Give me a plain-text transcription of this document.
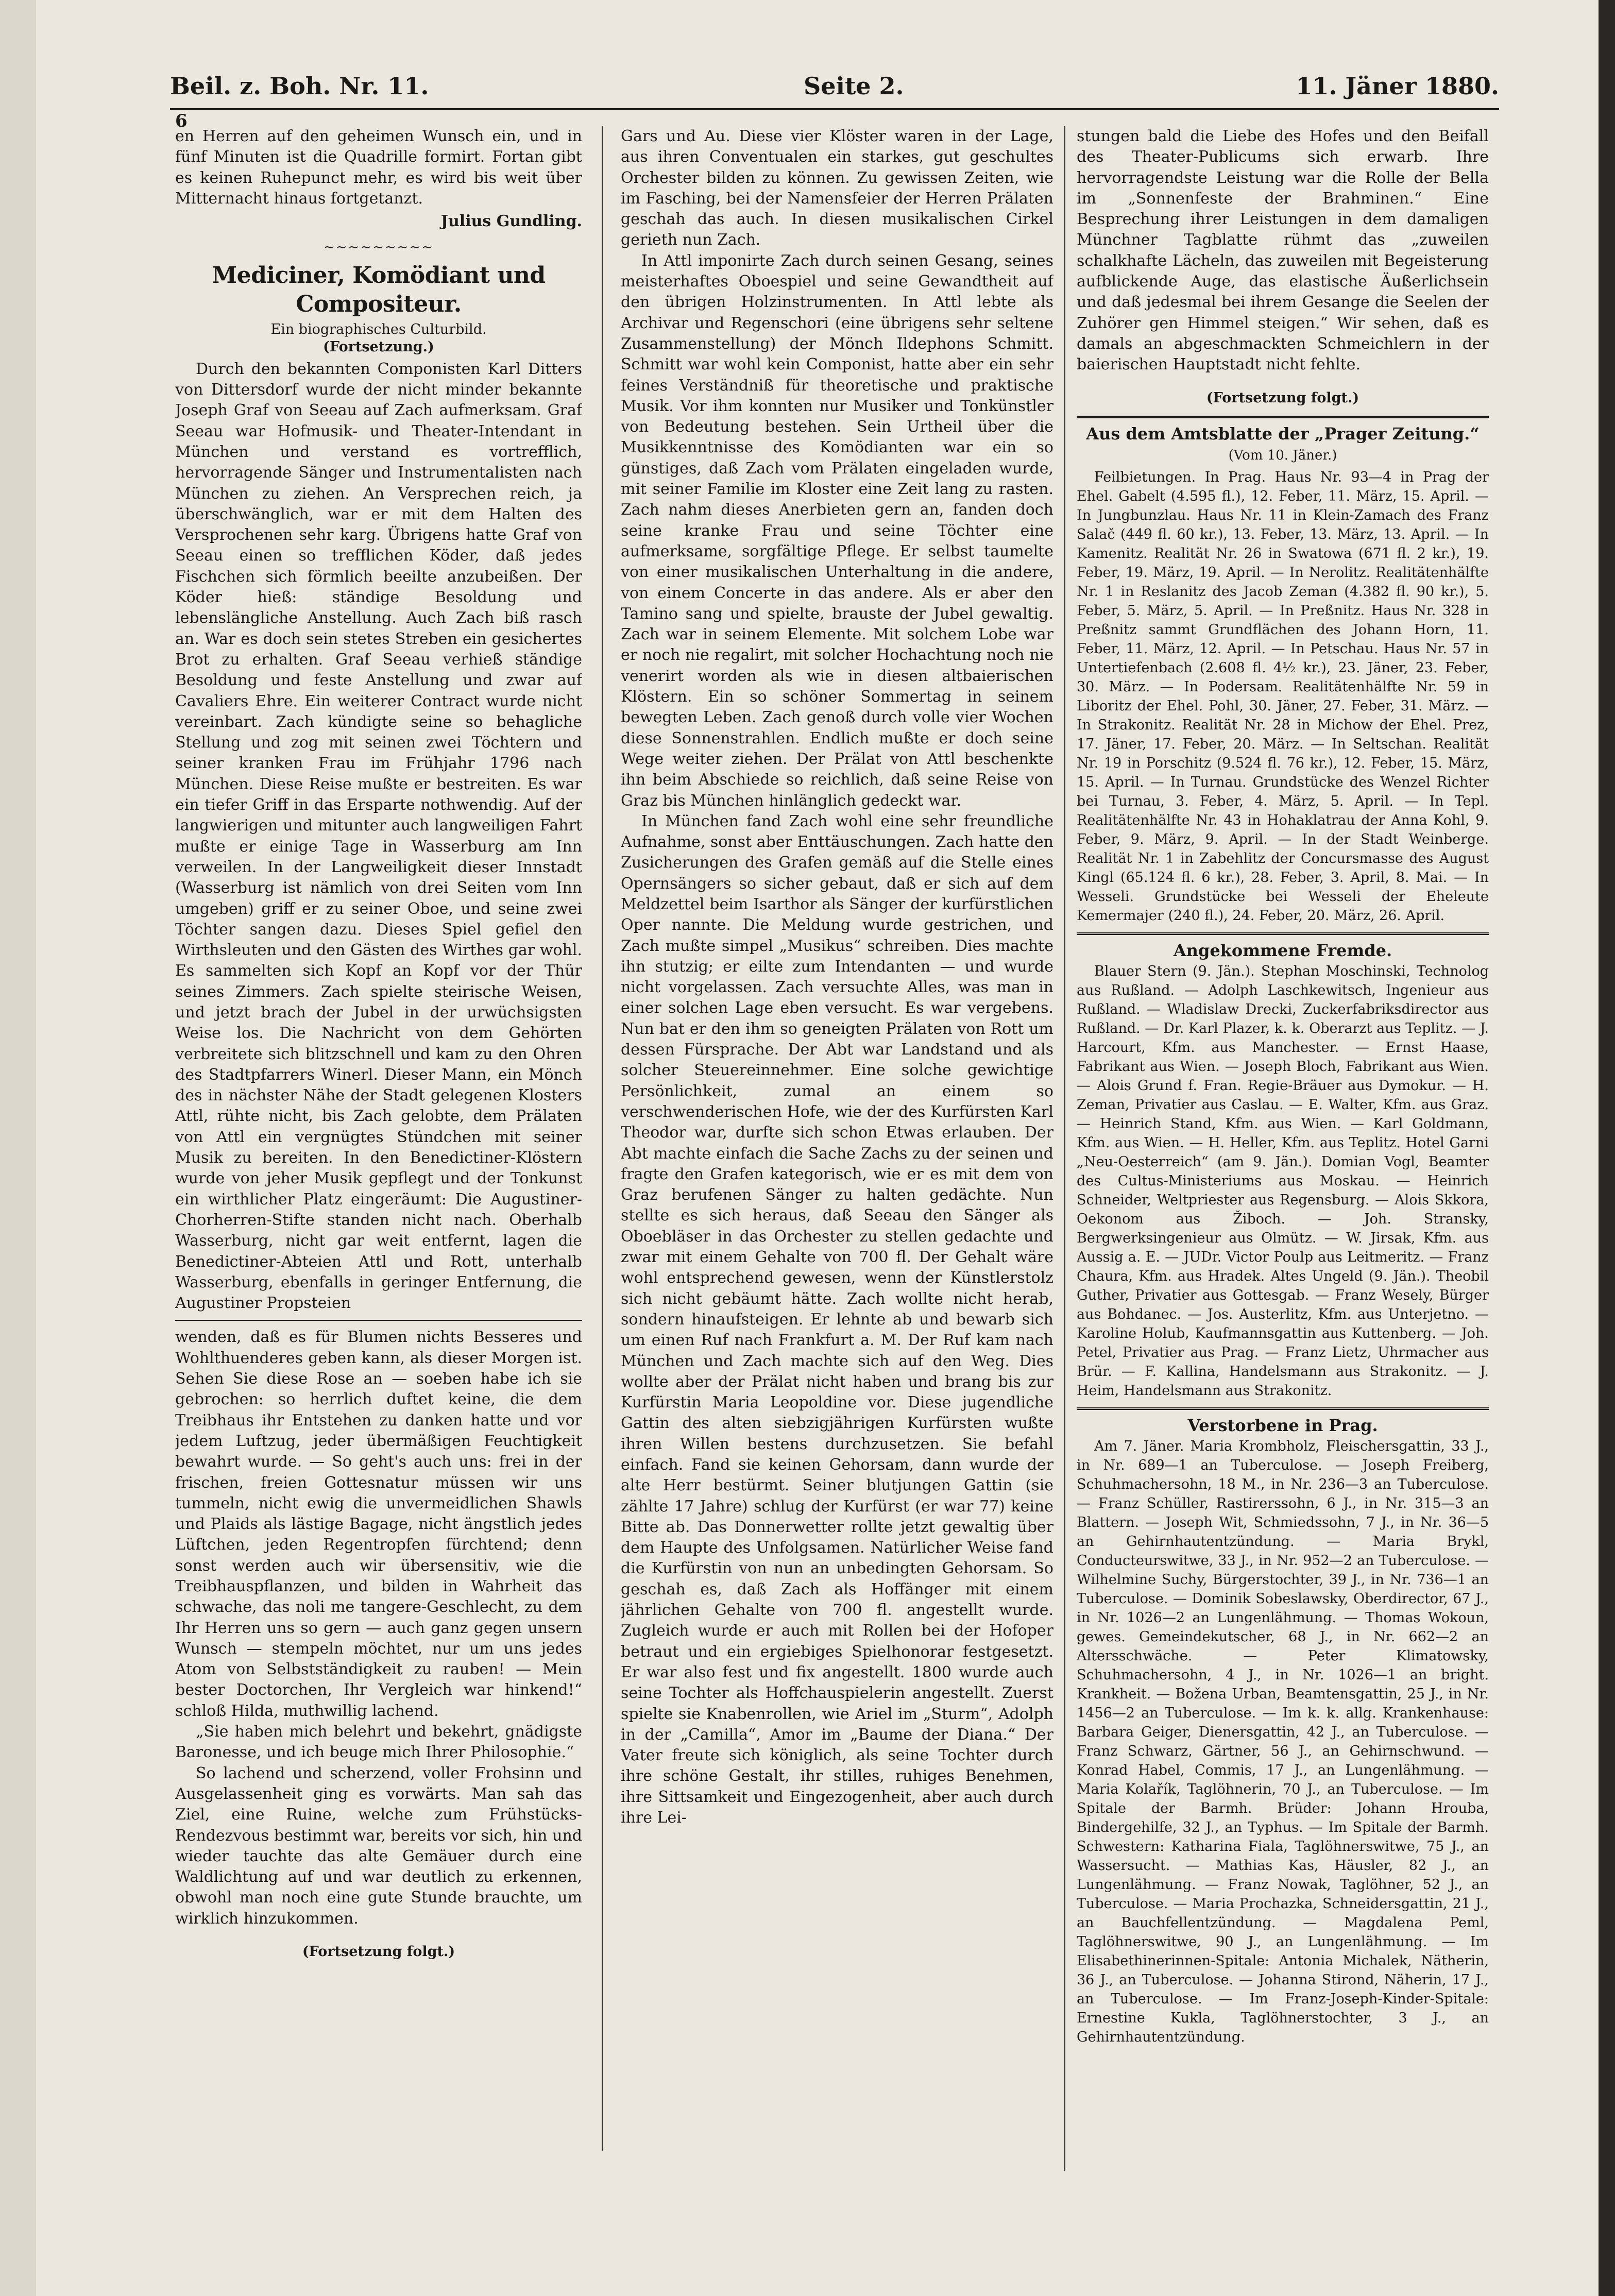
Beil. z. Boh. Nr. 11.	Seite 2.	11. Jäner 1880.
6

en Herren auf den geheimen Wunsch ein, und in fünf Minuten ist die Quadrille formirt. Fortan gibt es keinen Ruhepunct mehr, es wird bis weit über Mitternacht hinaus fortgetanzt.

Julius Gundling.
~~~~~~~~~
Mediciner, Komödiant und Compositeur.
Ein biographisches Culturbild.
(Fortsetzung.)

Durch den bekannten Componisten Karl Ditters von Dittersdorf wurde der nicht minder bekannte Joseph Graf von Seeau auf Zach aufmerksam. Graf Seeau war Hofmusik- und Theater-Intendant in München und verstand es vortrefflich, hervorragende Sänger und Instrumentalisten nach München zu ziehen. An Versprechen reich, ja überschwänglich, war er mit dem Halten des Versprochenen sehr karg. Übrigens hatte Graf von Seeau einen so trefflichen Köder, daß jedes Fischchen sich förmlich beeilte anzubeißen. Der Köder hieß: ständige Besoldung und lebenslängliche Anstellung. Auch Zach biß rasch an. War es doch sein stetes Streben ein gesichertes Brot zu erhalten. Graf Seeau verhieß ständige Besoldung und feste Anstellung und zwar auf Cavaliers Ehre. Ein weiterer Contract wurde nicht vereinbart. Zach kündigte seine so behagliche Stellung und zog mit seinen zwei Töchtern und seiner kranken Frau im Frühjahr 1796 nach München. Diese Reise mußte er bestreiten. Es war ein tiefer Griff in das Ersparte nothwendig. Auf der langwierigen und mitunter auch langweiligen Fahrt mußte er einige Tage in Wasserburg am Inn verweilen. In der Langweiligkeit dieser Innstadt (Wasserburg ist nämlich von drei Seiten vom Inn umgeben) griff er zu seiner Oboe, und seine zwei Töchter sangen dazu. Dieses Spiel gefiel den Wirthsleuten und den Gästen des Wirthes gar wohl. Es sammelten sich Kopf an Kopf vor der Thür seines Zimmers. Zach spielte steirische Weisen, und jetzt brach der Jubel in der urwüchsigsten Weise los. Die Nachricht von dem Gehörten verbreitete sich blitzschnell und kam zu den Ohren des Stadtpfarrers Winerl. Dieser Mann, ein Mönch des in nächster Nähe der Stadt gelegenen Klosters Attl, rühte nicht, bis Zach gelobte, dem Prälaten von Attl ein vergnügtes Stündchen mit seiner Musik zu bereiten. In den Benedictiner-Klöstern wurde von jeher Musik gepflegt und der Tonkunst ein wirthlicher Platz eingeräumt: Die Augustiner-Chorherren-Stifte standen nicht nach. Oberhalb Wasserburg, nicht gar weit entfernt, lagen die Benedictiner-Abteien Attl und Rott, unterhalb Wasserburg, ebenfalls in geringer Entfernung, die Augustiner Propsteien

wenden, daß es für Blumen nichts Besseres und Wohlthuenderes geben kann, als dieser Morgen ist. Sehen Sie diese Rose an — soeben habe ich sie gebrochen: so herrlich duftet keine, die dem Treibhaus ihr Entstehen zu danken hatte und vor jedem Luftzug, jeder übermäßigen Feuchtigkeit bewahrt wurde. — So geht's auch uns: frei in der frischen, freien Gottesnatur müssen wir uns tummeln, nicht ewig die unvermeidlichen Shawls und Plaids als lästige Bagage, nicht ängstlich jedes Lüftchen, jeden Regentropfen fürchtend; denn sonst werden auch wir übersensitiv, wie die Treibhauspflanzen, und bilden in Wahrheit das schwache, das noli me tangere-Geschlecht, zu dem Ihr Herren uns so gern — auch ganz gegen unsern Wunsch — stempeln möchtet, nur um uns jedes Atom von Selbstständigkeit zu rauben! — Mein bester Doctorchen, Ihr Vergleich war hinkend!“ schloß Hilda, muthwillig lachend.

„Sie haben mich belehrt und bekehrt, gnädigste Baronesse, und ich beuge mich Ihrer Philosophie.“

So lachend und scherzend, voller Frohsinn und Ausgelassenheit ging es vorwärts. Man sah das Ziel, eine Ruine, welche zum Frühstücks-Rendezvous bestimmt war, bereits vor sich, hin und wieder tauchte das alte Gemäuer durch eine Waldlichtung auf und war deutlich zu erkennen, obwohl man noch eine gute Stunde brauchte, um wirklich hinzukommen.

(Fortsetzung folgt.)

Gars und Au. Diese vier Klöster waren in der Lage, aus ihren Conventualen ein starkes, gut geschultes Orchester bilden zu können. Zu gewissen Zeiten, wie im Fasching, bei der Namensfeier der Herren Prälaten geschah das auch. In diesen musikalischen Cirkel gerieth nun Zach.

In Attl imponirte Zach durch seinen Gesang, seines meisterhaftes Oboespiel und seine Gewandtheit auf den übrigen Holzinstrumenten. In Attl lebte als Archivar und Regenschori (eine übrigens sehr seltene Zusammenstellung) der Mönch Ildephons Schmitt. Schmitt war wohl kein Componist, hatte aber ein sehr feines Verständniß für theoretische und praktische Musik. Vor ihm konnten nur Musiker und Tonkünstler von Bedeutung bestehen. Sein Urtheil über die Musikkenntnisse des Komödianten war ein so günstiges, daß Zach vom Prälaten eingeladen wurde, mit seiner Familie im Kloster eine Zeit lang zu rasten. Zach nahm dieses Anerbieten gern an, fanden doch seine kranke Frau und seine Töchter eine aufmerksame, sorgfältige Pflege. Er selbst taumelte von einer musikalischen Unterhaltung in die andere, von einem Concerte in das andere. Als er aber den Tamino sang und spielte, brauste der Jubel gewaltig. Zach war in seinem Elemente. Mit solchem Lobe war er noch nie regalirt, mit solcher Hochachtung noch nie venerirt worden als wie in diesen altbaierischen Klöstern. Ein so schöner Sommertag in seinem bewegten Leben. Zach genoß durch volle vier Wochen diese Sonnenstrahlen. Endlich mußte er doch seine Wege weiter ziehen. Der Prälat von Attl beschenkte ihn beim Abschiede so reichlich, daß seine Reise von Graz bis München hinlänglich gedeckt war.

In München fand Zach wohl eine sehr freundliche Aufnahme, sonst aber Enttäuschungen. Zach hatte den Zusicherungen des Grafen gemäß auf die Stelle eines Opernsängers so sicher gebaut, daß er sich auf dem Meldzettel beim Isarthor als Sänger der kurfürstlichen Oper nannte. Die Meldung wurde gestrichen, und Zach mußte simpel „Musikus“ schreiben. Dies machte ihn stutzig; er eilte zum Intendanten — und wurde nicht vorgelassen. Zach versuchte Alles, was man in einer solchen Lage eben versucht. Es war vergebens. Nun bat er den ihm so geneigten Prälaten von Rott um dessen Fürsprache. Der Abt war Landstand und als solcher Steuereinnehmer. Eine solche gewichtige Persönlichkeit, zumal an einem so verschwenderischen Hofe, wie der des Kurfürsten Karl Theodor war, durfte sich schon Etwas erlauben. Der Abt machte einfach die Sache Zachs zu der seinen und fragte den Grafen kategorisch, wie er es mit dem von Graz berufenen Sänger zu halten gedächte. Nun stellte es sich heraus, daß Seeau den Sänger als Oboebläser in das Orchester zu stellen gedachte und zwar mit einem Gehalte von 700 fl. Der Gehalt wäre wohl entsprechend gewesen, wenn der Künstlerstolz sich nicht gebäumt hätte. Zach wollte nicht herab, sondern hinaufsteigen. Er lehnte ab und bewarb sich um einen Ruf nach Frankfurt a. M. Der Ruf kam nach München und Zach machte sich auf den Weg. Dies wollte aber der Prälat nicht haben und brang bis zur Kurfürstin Maria Leopoldine vor. Diese jugendliche Gattin des alten siebzigjährigen Kurfürsten wußte ihren Willen bestens durchzusetzen. Sie befahl einfach. Fand sie keinen Gehorsam, dann wurde der alte Herr bestürmt. Seiner blutjungen Gattin (sie zählte 17 Jahre) schlug der Kurfürst (er war 77) keine Bitte ab. Das Donnerwetter rollte jetzt gewaltig über dem Haupte des Unfolgsamen. Natürlicher Weise fand die Kurfürstin von nun an unbedingten Gehorsam. So geschah es, daß Zach als Hoffänger mit einem jährlichen Gehalte von 700 fl. angestellt wurde. Zugleich wurde er auch mit Rollen bei der Hofoper betraut und ein ergiebiges Spielhonorar festgesetzt. Er war also fest und fix angestellt. 1800 wurde auch seine Tochter als Hoffchauspielerin angestellt. Zuerst spielte sie Knabenrollen, wie Ariel im „Sturm“, Adolph in der „Camilla“, Amor im „Baume der Diana.“ Der Vater freute sich königlich, als seine Tochter durch ihre schöne Gestalt, ihr stilles, ruhiges Benehmen, ihre Sittsamkeit und Eingezogenheit, aber auch durch ihre Lei-

stungen bald die Liebe des Hofes und den Beifall des Theater-Publicums sich erwarb. Ihre hervorragendste Leistung war die Rolle der Bella im „Sonnenfeste der Brahminen.“ Eine Besprechung ihrer Leistungen in dem damaligen Münchner Tagblatte rühmt das „zuweilen schalkhafte Lächeln, das zuweilen mit Begeisterung aufblickende Auge, das elastische Äußerlichsein und daß jedesmal bei ihrem Gesange die Seelen der Zuhörer gen Himmel steigen.“ Wir sehen, daß es damals an abgeschmackten Schmeichlern in der baierischen Hauptstadt nicht fehlte.

(Fortsetzung folgt.)
Aus dem Amtsblatte der „Prager Zeitung.“
(Vom 10. Jäner.)

Feilbietungen. In Prag. Haus Nr. 93—4 in Prag der Ehel. Gabelt (4.595 fl.), 12. Feber, 11. März, 15. April. — In Jungbunzlau. Haus Nr. 11 in Klein-Zamach des Franz Salač (449 fl. 60 kr.), 13. Feber, 13. März, 13. April. — In Kamenitz. Realität Nr. 26 in Swatowa (671 fl. 2 kr.), 19. Feber, 19. März, 19. April. — In Nerolitz. Realitätenhälfte Nr. 1 in Reslanitz des Jacob Zeman (4.382 fl. 90 kr.), 5. Feber, 5. März, 5. April. — In Preßnitz. Haus Nr. 328 in Preßnitz sammt Grundflächen des Johann Horn, 11. Feber, 11. März, 12. April. — In Petschau. Haus Nr. 57 in Untertiefenbach (2.608 fl. 4½ kr.), 23. Jäner, 23. Feber, 30. März. — In Podersam. Realitätenhälfte Nr. 59 in Liboritz der Ehel. Pohl, 30. Jäner, 27. Feber, 31. März. — In Strakonitz. Realität Nr. 28 in Michow der Ehel. Prez, 17. Jäner, 17. Feber, 20. März. — In Seltschan. Realität Nr. 19 in Porschitz (9.524 fl. 76 kr.), 12. Feber, 15. März, 15. April. — In Turnau. Grundstücke des Wenzel Richter bei Turnau, 3. Feber, 4. März, 5. April. — In Tepl. Realitätenhälfte Nr. 43 in Hohaklatrau der Anna Kohl, 9. Feber, 9. März, 9. April. — In der Stadt Weinberge. Realität Nr. 1 in Zabehlitz der Concursmasse des August Kingl (65.124 fl. 6 kr.), 28. Feber, 3. April, 8. Mai. — In Wesseli. Grundstücke bei Wesseli der Eheleute Kemermajer (240 fl.), 24. Feber, 20. März, 26. April.

Angekommene Fremde.

Blauer Stern (9. Jän.). Stephan Moschinski, Technolog aus Rußland. — Adolph Laschkewitsch, Ingenieur aus Rußland. — Wladislaw Drecki, Zuckerfabriksdirector aus Rußland. — Dr. Karl Plazer, k. k. Oberarzt aus Teplitz. — J. Harcourt, Kfm. aus Manchester. — Ernst Haase, Fabrikant aus Wien. — Joseph Bloch, Fabrikant aus Wien. — Alois Grund f. Fran. Regie-Bräuer aus Dymokur. — H. Zeman, Privatier aus Caslau. — E. Walter, Kfm. aus Graz. — Heinrich Stand, Kfm. aus Wien. — Karl Goldmann, Kfm. aus Wien. — H. Heller, Kfm. aus Teplitz. Hotel Garni „Neu-Oesterreich“ (am 9. Jän.). Domian Vogl, Beamter des Cultus-Ministeriums aus Moskau. — Heinrich Schneider, Weltpriester aus Regensburg. — Alois Skkora, Oekonom aus Žiboch. — Joh. Stransky, Bergwerksingenieur aus Olmütz. — W. Jirsak, Kfm. aus Aussig a. E. — JUDr. Victor Poulp aus Leitmeritz. — Franz Chaura, Kfm. aus Hradek. Altes Ungeld (9. Jän.). Theobil Guther, Privatier aus Gottesgab. — Franz Wesely, Bürger aus Bohdanec. — Jos. Austerlitz, Kfm. aus Unterjetno. — Karoline Holub, Kaufmannsgattin aus Kuttenberg. — Joh. Petel, Privatier aus Prag. — Franz Lietz, Uhrmacher aus Brür. — F. Kallina, Handelsmann aus Strakonitz. — J. Heim, Handelsmann aus Strakonitz.

Verstorbene in Prag.

Am 7. Jäner. Maria Krombholz, Fleischersgattin, 33 J., in Nr. 689—1 an Tuberculose. — Joseph Freiberg, Schuhmachersohn, 18 M., in Nr. 236—3 an Tuberculose. — Franz Schüller, Rastirerssohn, 6 J., in Nr. 315—3 an Blattern. — Joseph Wit, Schmiedssohn, 7 J., in Nr. 36—5 an Gehirnhautentzündung. — Maria Brykl, Conducteurswitwe, 33 J., in Nr. 952—2 an Tuberculose. — Wilhelmine Suchy, Bürgerstochter, 39 J., in Nr. 736—1 an Tuberculose. — Dominik Sobeslawsky, Oberdirector, 67 J., in Nr. 1026—2 an Lungenlähmung. — Thomas Wokoun, gewes. Gemeindekutscher, 68 J., in Nr. 662—2 an Altersschwäche. — Peter Klimatowsky, Schuhmachersohn, 4 J., in Nr. 1026—1 an bright. Krankheit. — Božena Urban, Beamtensgattin, 25 J., in Nr. 1456—2 an Tuberculose. — Im k. k. allg. Krankenhause: Barbara Geiger, Dienersgattin, 42 J., an Tuberculose. — Franz Schwarz, Gärtner, 56 J., an Gehirnschwund. — Konrad Habel, Commis, 17 J., an Lungenlähmung. — Maria Kolařík, Taglöhnerin, 70 J., an Tuberculose. — Im Spitale der Barmh. Brüder: Johann Hrouba, Bindergehilfe, 32 J., an Typhus. — Im Spitale der Barmh. Schwestern: Katharina Fiala, Taglöhnerswitwe, 75 J., an Wassersucht. — Mathias Kas, Häusler, 82 J., an Lungenlähmung. — Franz Nowak, Taglöhner, 52 J., an Tuberculose. — Maria Prochazka, Schneidersgattin, 21 J., an Bauchfellentzündung. — Magdalena Peml, Taglöhnerswitwe, 90 J., an Lungenlähmung. — Im Elisabethinerinnen-Spitale: Antonia Michalek, Nätherin, 36 J., an Tuberculose. — Johanna Stirond, Näherin, 17 J., an Tuberculose. — Im Franz-Joseph-Kinder-Spitale: Ernestine Kukla, Taglöhnerstochter, 3 J., an Gehirnhautentzündung.
